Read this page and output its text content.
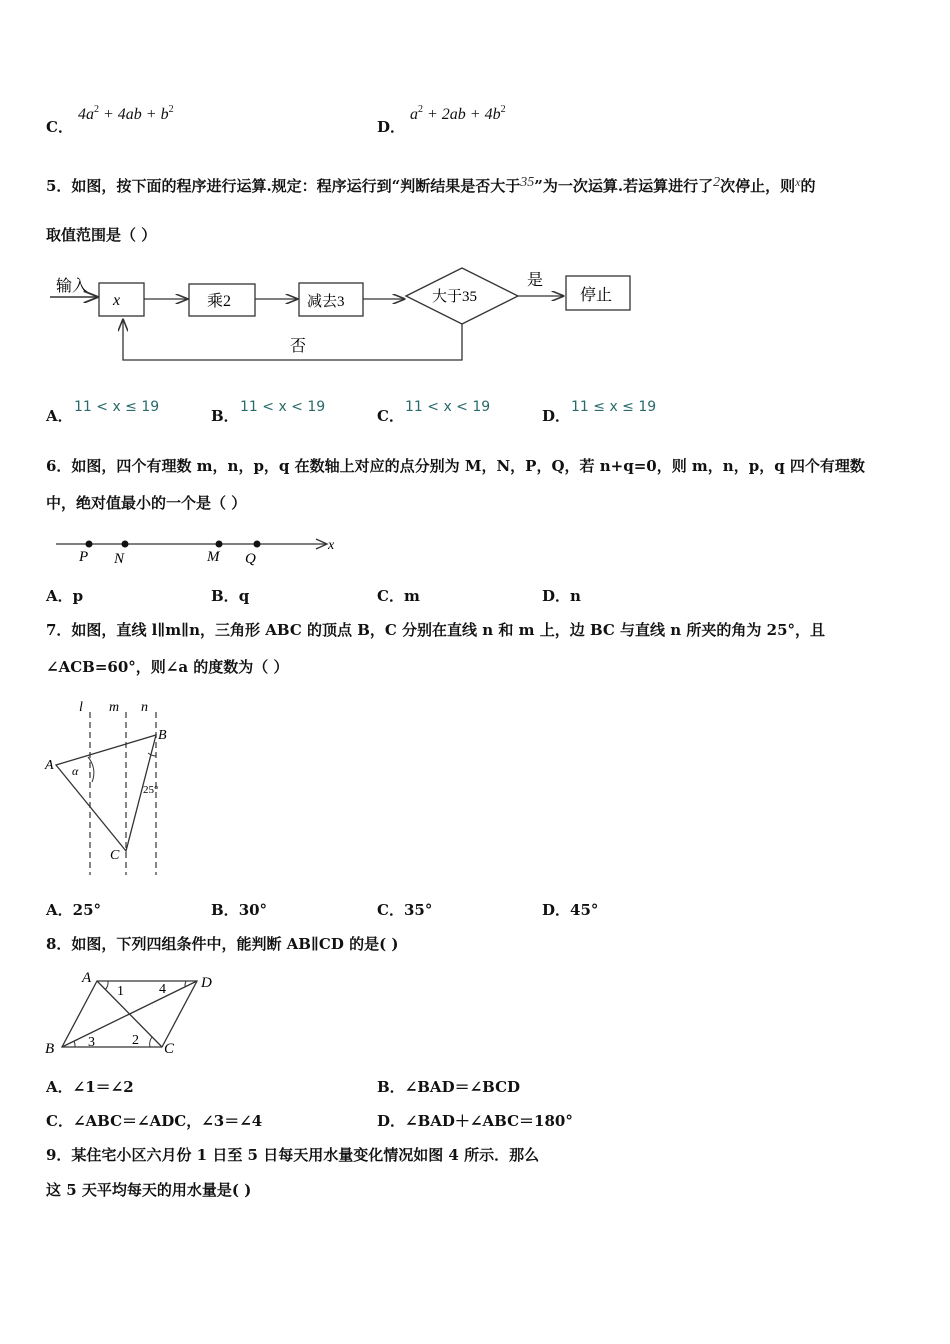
C．
$4a^2 + 4ab + b^2$
D．
$a^2 + 2ab + 4b^2$
5．如图，按下面的程序进行运算.规定：程序运行到“判断结果是否大于35”为一次运算.若运算进行了2次停止，则$^x$的
取值范围是（ ）
输入
x	乘2	减去3	大于35
是
停止
否
A． 11 < x ≤ 19	B． 11 < x < 19	C． 11 < x < 19	D． 11 ≤ x ≤ 19
6．如图，四个有理数 m，n，p，q 在数轴上对应的点分别为 M，N，P，Q，若 n+q=0，则 m，n，p，q 四个有理数
中，绝对值最小的一个是（ ）
x
P N	M Q
A．p	B．q	C．m	D．n
7．如图，直线 l∥m∥n，三角形 ABC 的顶点 B，C 分别在直线 n 和 m 上，边 BC 与直线 n 所夹的角为 25°，且
∠ACB=60°，则∠a 的度数为（ ）
l m n
A
B
C
α
25°
A．25°	B．30°	C．35°	D．45°
8．如图，下列四组条件中，能判断 AB∥CD 的是( )
A	D
B	C
1	4
3	2
A．∠1＝∠2	B．∠BAD＝∠BCD
C．∠ABC＝∠ADC，∠3＝∠4	D．∠BAD＋∠ABC＝180°
9．某住宅小区六月份 1 日至 5 日每天用水量变化情况如图 4 所示．那么
这 5 天平均每天的用水量是( )
